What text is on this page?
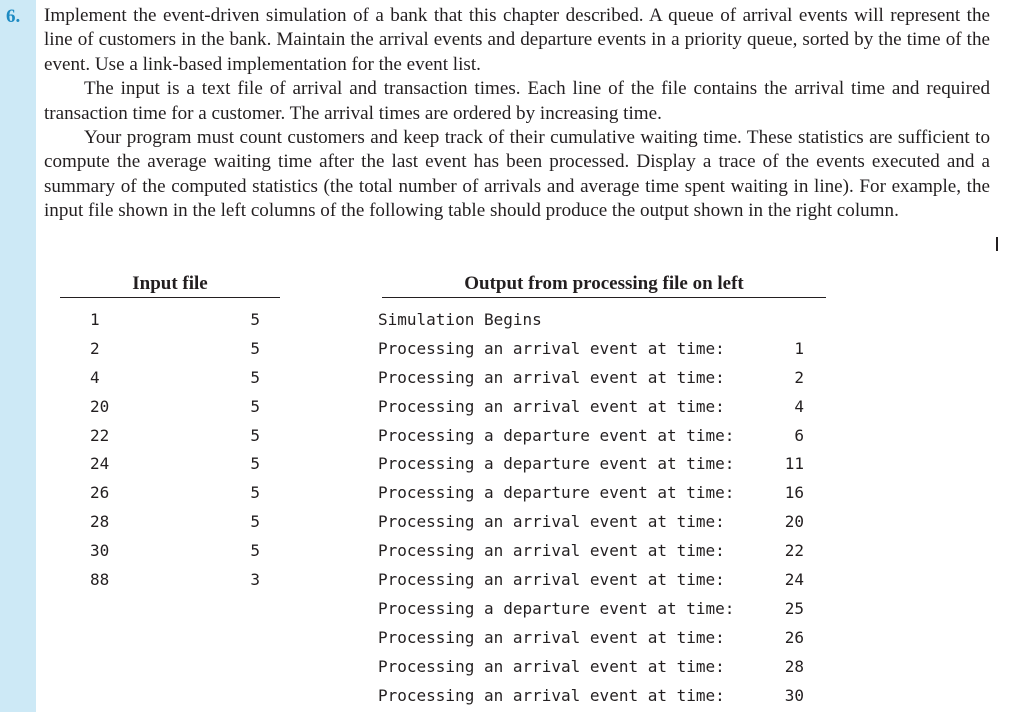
6. Implement the event-driven simulation of a bank that this chapter described. A queue of arrival events will represent the line of customers in the bank. Maintain the arrival events and departure events in a priority queue, sorted by the time of the event. Use a link-based implementation for the event list.

The input is a text file of arrival and transaction times. Each line of the file contains the arrival time and required transaction time for a customer. The arrival times are ordered by increasing time.

Your program must count customers and keep track of their cumulative waiting time. These statistics are sufficient to compute the average waiting time after the last event has been processed. Display a trace of the events executed and a summary of the computed statistics (the total number of arrivals and average time spent waiting in line). For example, the input file shown in the left columns of the following table should produce the output shown in the right column.

Input file	Output from processing file on left
1
2
4
20
22
24
26
28
30
88
5
5
5
5
5
5
5
5
5
3
Simulation Begins
Processing an arrival event at time:
Processing an arrival event at time:
Processing an arrival event at time:
Processing a departure event at time:
Processing a departure event at time:
Processing a departure event at time:
Processing an arrival event at time:
Processing an arrival event at time:
Processing an arrival event at time:
Processing a departure event at time:
Processing an arrival event at time:
Processing an arrival event at time:
Processing an arrival event at time:
1
2
4
6
11
16
20
22
24
25
26
28
30
